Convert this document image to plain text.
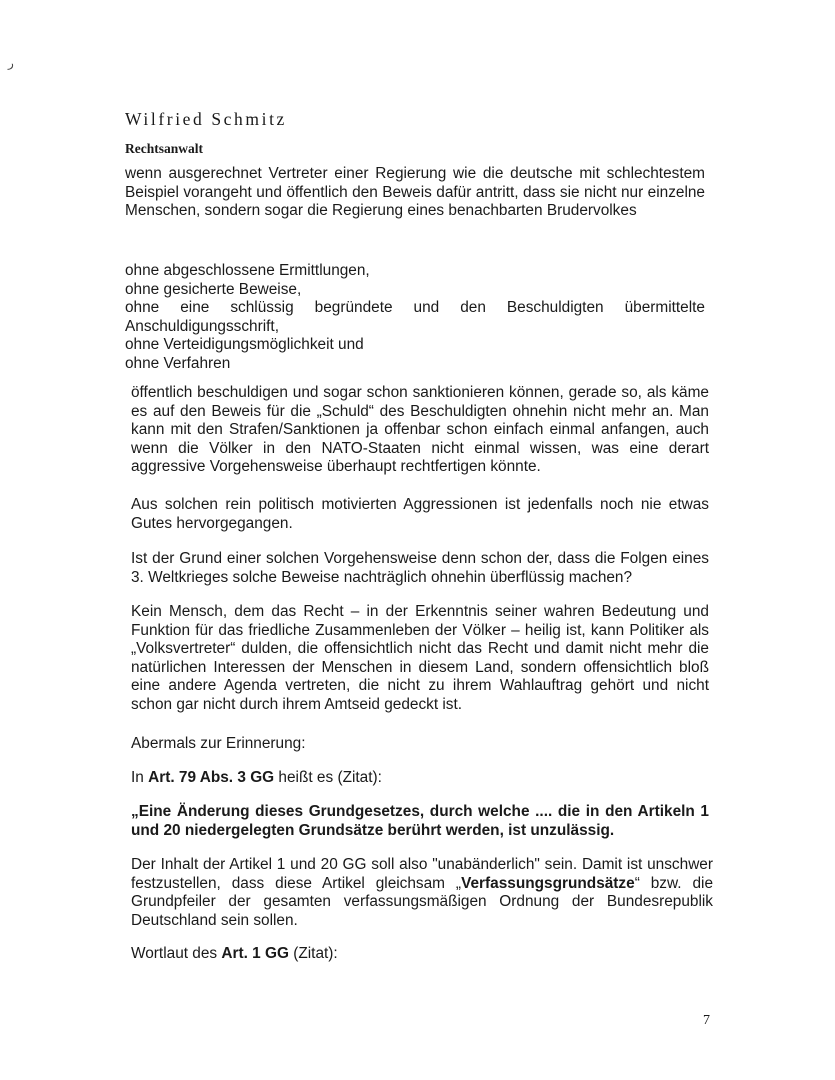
ر
Wilfried Schmitz
Rechtsanwalt

wenn ausgerechnet Vertreter einer Regierung wie die deutsche mit schlechtestem Beispiel vorangeht und öffentlich den Beweis dafür antritt, dass sie nicht nur einzelne Menschen, sondern sogar die Regierung eines benachbarten Brudervolkes

ohne abgeschlossene Ermittlungen,
ohne gesicherte Beweise,
ohne eine schlüssig begründete und den Beschuldigten übermittelte Anschuldigungsschrift,
ohne Verteidigungsmöglichkeit und
ohne Verfahren

öffentlich beschuldigen und sogar schon sanktionieren können, gerade so, als käme es auf den Beweis für die „Schuld“ des Beschuldigten ohnehin nicht mehr an. Man kann mit den Strafen/Sanktionen ja offenbar schon einfach einmal anfangen, auch wenn die Völker in den NATO-Staaten nicht einmal wissen, was eine derart aggressive Vorgehensweise überhaupt rechtfertigen könnte.

Aus solchen rein politisch motivierten Aggressionen ist jedenfalls noch nie etwas Gutes hervorgegangen.

Ist der Grund einer solchen Vorgehensweise denn schon der, dass die Folgen eines 3. Weltkrieges solche Beweise nachträglich ohnehin überflüssig machen?

Kein Mensch, dem das Recht – in der Erkenntnis seiner wahren Bedeutung und Funktion für das friedliche Zusammenleben der Völker – heilig ist, kann Politiker als „Volksvertreter“ dulden, die offensichtlich nicht das Recht und damit nicht mehr die natürlichen Interessen der Menschen in diesem Land, sondern offensichtlich bloß eine andere Agenda vertreten, die nicht zu ihrem Wahlauftrag gehört und nicht schon gar nicht durch ihrem Amtseid gedeckt ist.

Abermals zur Erinnerung:

In Art. 79 Abs. 3 GG heißt es (Zitat):

„Eine Änderung dieses Grundgesetzes, durch welche .... die in den Artikeln 1 und 20 niedergelegten Grundsätze berührt werden, ist unzulässig.

Der Inhalt der Artikel 1 und 20 GG soll also "unabänderlich" sein. Damit ist unschwer festzustellen, dass diese Artikel gleichsam „Verfassungsgrundsätze“ bzw. die Grundpfeiler der gesamten verfassungsmäßigen Ordnung der Bundesrepublik Deutschland sein sollen.

Wortlaut des Art. 1 GG (Zitat):

7
